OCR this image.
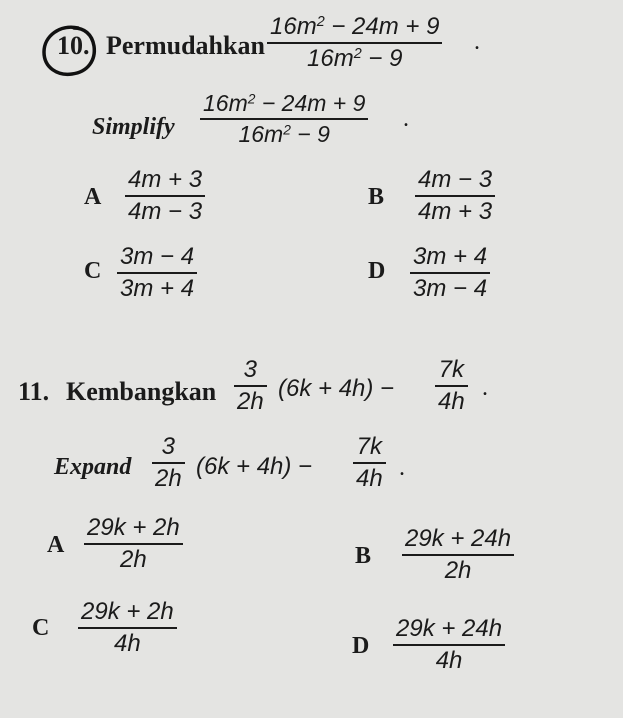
10. Permudahkan
$16m^2 - 24m + 9$
$16m^2 - 9$
.
Simplify
$16m^2 - 24m + 9$
$16m^2 - 9$
.
A
4m + 3
4m − 3
B
4m − 3
4m + 3
C
3m − 4
3m + 4
D
3m + 4
3m − 4
11. Kembangkan
3
2h (6k + 4h) −
7k
4h .
Expand
3
2h (6k + 4h) −
7k
4h .
A
29k + 2h
2h	B
29k + 24h
2h
C
29k + 2h
4h	D
29k + 24h
4h
